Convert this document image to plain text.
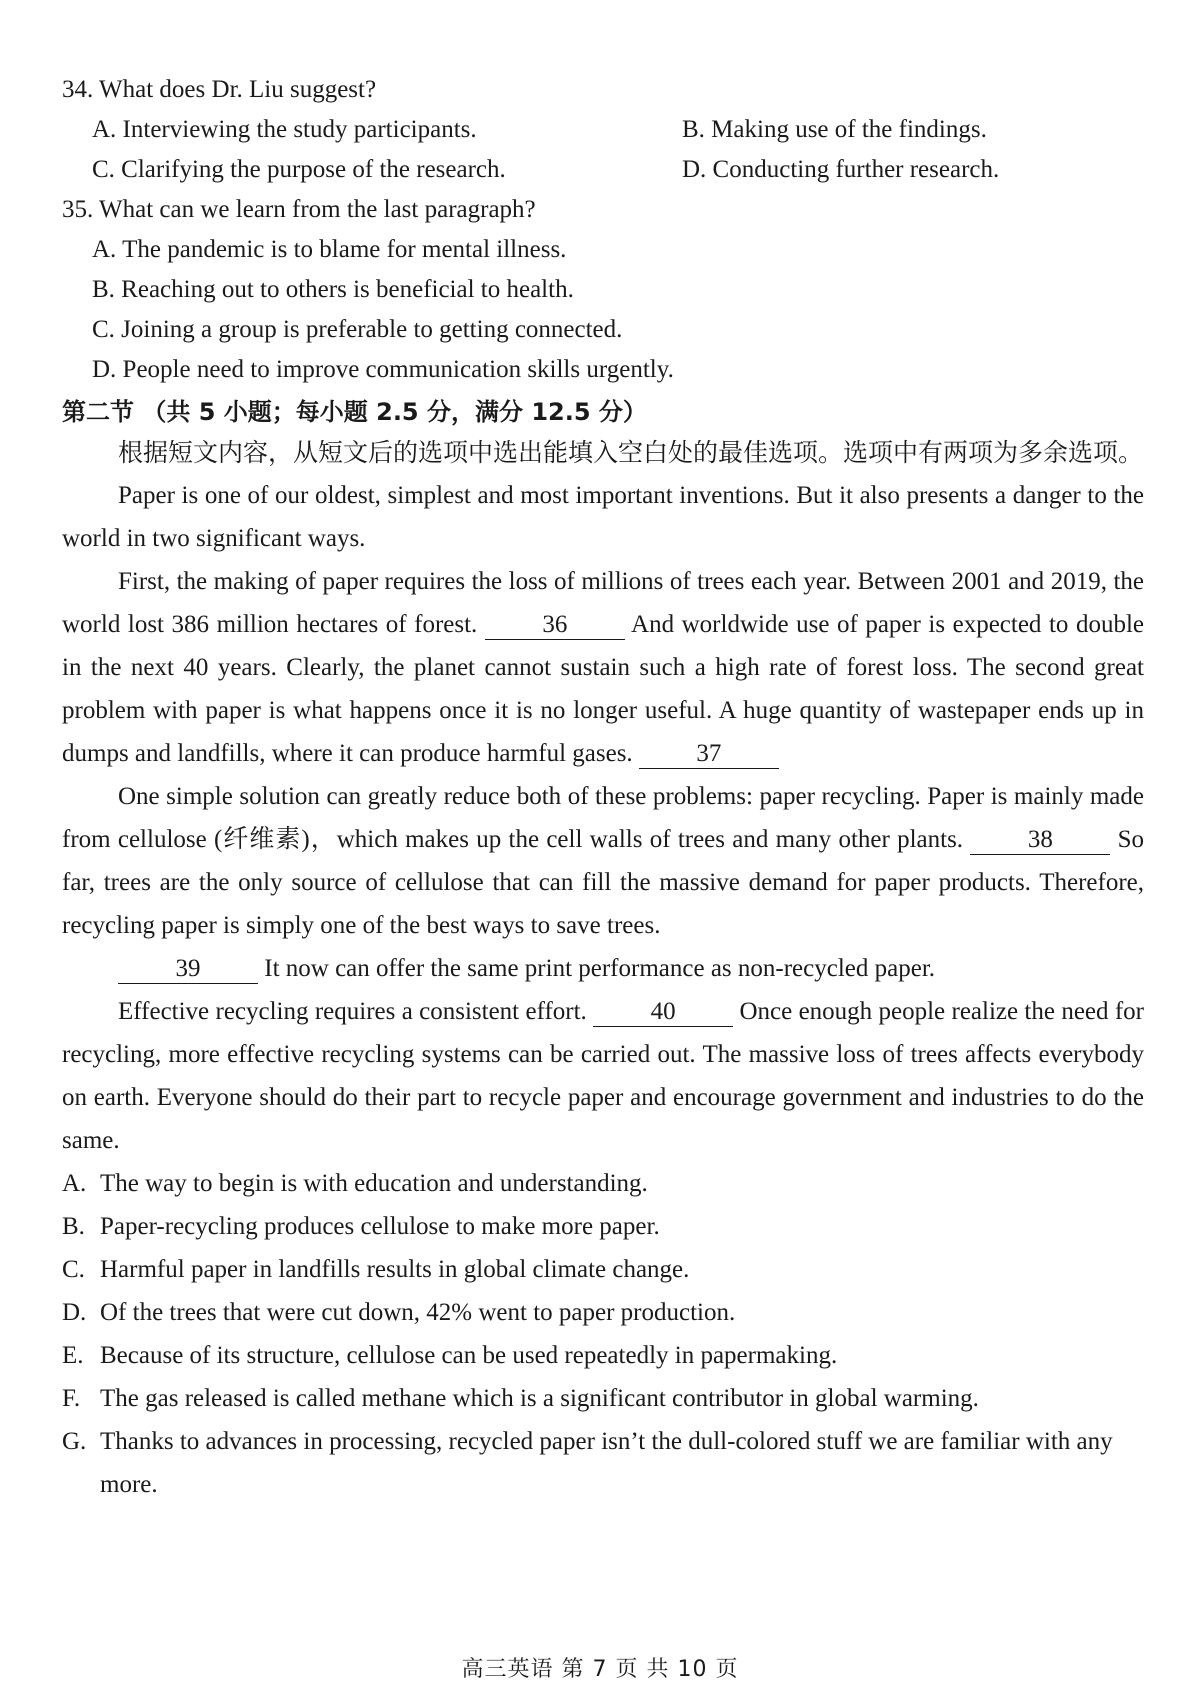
34. What does Dr. Liu suggest?
A. Interviewing the study participants.	B. Making use of the findings.
C. Clarifying the purpose of the research.	D. Conducting further research.
35. What can we learn from the last paragraph?
A. The pandemic is to blame for mental illness.
B. Reaching out to others is beneficial to health.
C. Joining a group is preferable to getting connected.
D. People need to improve communication skills urgently.
第二节 （共 5 小题；每小题 2.5 分，满分 12.5 分）

根据短文内容，从短文后的选项中选出能填入空白处的最佳选项。选项中有两项为多余选项。

Paper is one of our oldest, simplest and most important inventions. But it also presents a danger to the world in two significant ways.

First, the making of paper requires the loss of millions of trees each year. Between 2001 and 2019, the world lost 386 million hectares of forest.	36	And worldwide use of paper is expected to double in the next 40 years. Clearly, the planet cannot sustain such a high rate of forest loss. The second great problem with paper is what happens once it is no longer useful. A huge quantity of wastepaper ends up in dumps and landfills, where it can produce harmful gases.	37

One simple solution can greatly reduce both of these problems: paper recycling. Paper is mainly made from cellulose (纤维素)，which makes up the cell walls of trees and many other plants.	38	So far, trees are the only source of cellulose that can fill the massive demand for paper products. Therefore, recycling paper is simply one of the best ways to save trees.

39	It now can offer the same print performance as non-recycled paper.

Effective recycling requires a consistent effort.	40	Once enough people realize the need for recycling, more effective recycling systems can be carried out. The massive loss of trees affects everybody on earth. Everyone should do their part to recycle paper and encourage government and industries to do the same.

A. The way to begin is with education and understanding.
B. Paper-recycling produces cellulose to make more paper.
C. Harmful paper in landfills results in global climate change.
D. Of the trees that were cut down, 42% went to paper production.
E. Because of its structure, cellulose can be used repeatedly in papermaking.
F. The gas released is called methane which is a significant contributor in global warming.
G. Thanks to advances in processing, recycled paper isn’t the dull-colored stuff we are familiar with any more.
高三英语 第 7 页 共 10 页
